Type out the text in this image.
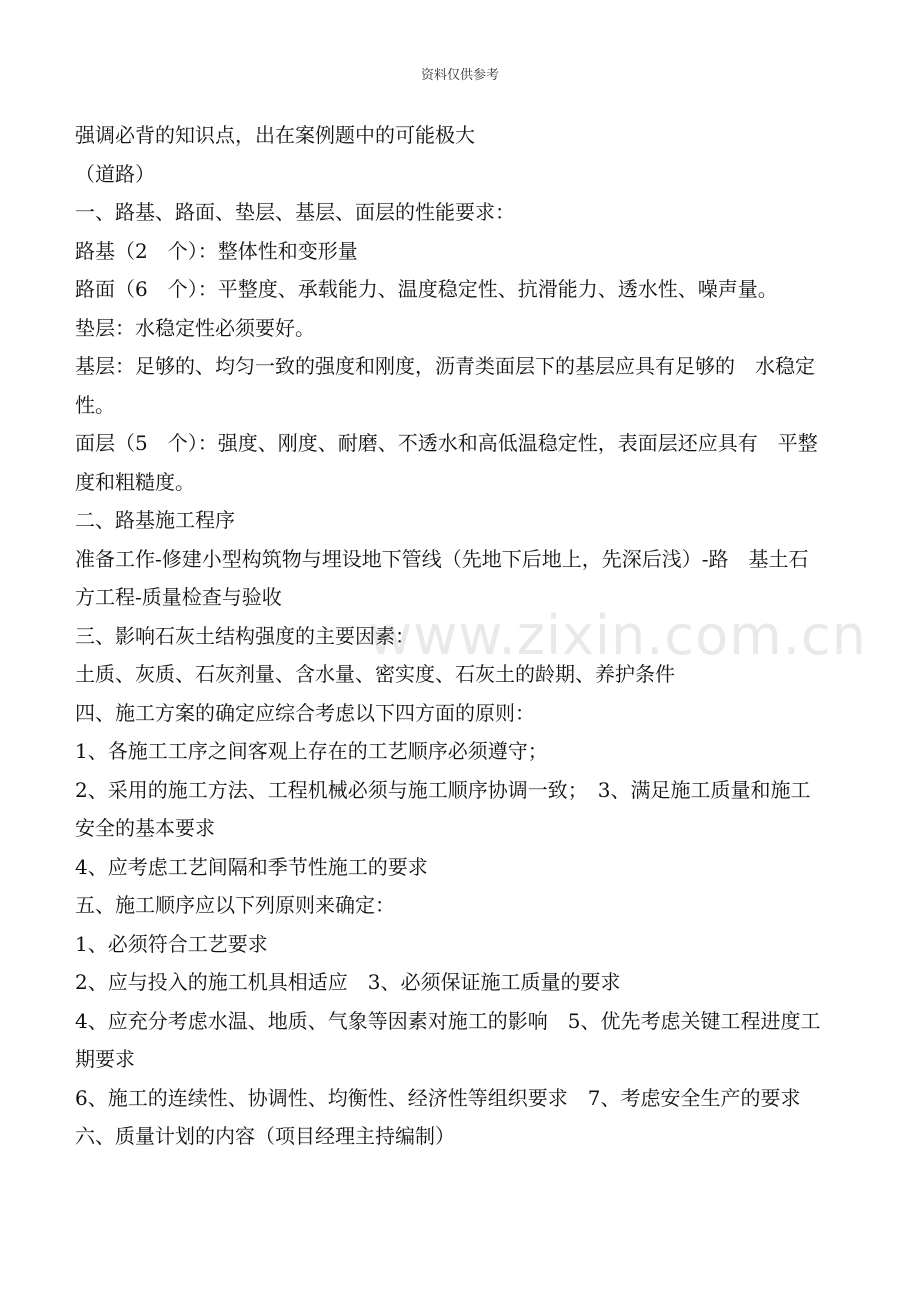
资料仅供参考
www.zixin.com.cn
强调必背的知识点，出在案例题中的可能极大
（道路）
一、路基、路面、垫层、基层、面层的性能要求：
路基（2　个）：整体性和变形量
路面（6　个）：平整度、承载能力、温度稳定性、抗滑能力、透水性、噪声量。
垫层：水稳定性必须要好。
基层：足够的、均匀一致的强度和刚度，沥青类面层下的基层应具有足够的　水稳定
性。
面层（5　个）：强度、刚度、耐磨、不透水和高低温稳定性，表面层还应具有　平整
度和粗糙度。
二、路基施工程序
准备工作-修建小型构筑物与埋设地下管线（先地下后地上，先深后浅）-路　基土石
方工程-质量检查与验收
三、影响石灰土结构强度的主要因素：
土质、灰质、石灰剂量、含水量、密实度、石灰土的龄期、养护条件
四、施工方案的确定应综合考虑以下四方面的原则：
1、各施工工序之间客观上存在的工艺顺序必须遵守；
2、采用的施工方法、工程机械必须与施工顺序协调一致；　3、满足施工质量和施工
安全的基本要求
4、应考虑工艺间隔和季节性施工的要求
五、施工顺序应以下列原则来确定：
1、必须符合工艺要求
2、应与投入的施工机具相适应　3、必须保证施工质量的要求
4、应充分考虑水温、地质、气象等因素对施工的影响　5、优先考虑关键工程进度工
期要求
6、施工的连续性、协调性、均衡性、经济性等组织要求　7、考虑安全生产的要求
六、质量计划的内容（项目经理主持编制）
